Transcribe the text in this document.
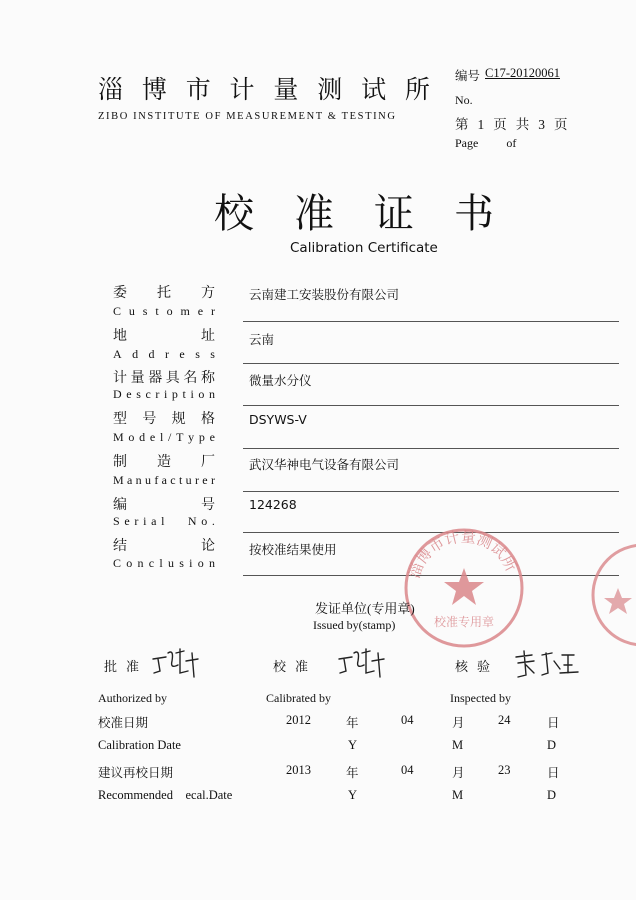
淄 博 市 计 量 测 试 所
ZIBO INSTITUTE OF MEASUREMENT & TESTING
编号 C17-20120061
No.
第 1 页 共 3 页
Page of
校 准 证 书
Calibration Certificate
委 托 方
C u s t o m e r
云南建工安装股份有限公司
地	址
A d d r e s s
云南
计 量 器 具 名 称
D e s c r i p t i o n
微量水分仪
型 号 规 格
M o d e l / T y p e
DSYWS-V
制 造 厂
M a n u f a c t u r e r
武汉华神电气设备有限公司
编	号
S e r i a l N o .
124268
结	论
C o n c l u s i o n
按校准结果使用
淄博市计量测试所
校准专用章
发证单位(专用章)
Issued by(stamp)
批准	校准	核验
Authorized by	Calibrated by	Inspected by
校准日期	2012	年	04	月	24	日
Calibration Date	Y	M	D
建议再校日期	2013	年	04	月	23	日
Recommended    ecal.Date	Y	M	D
